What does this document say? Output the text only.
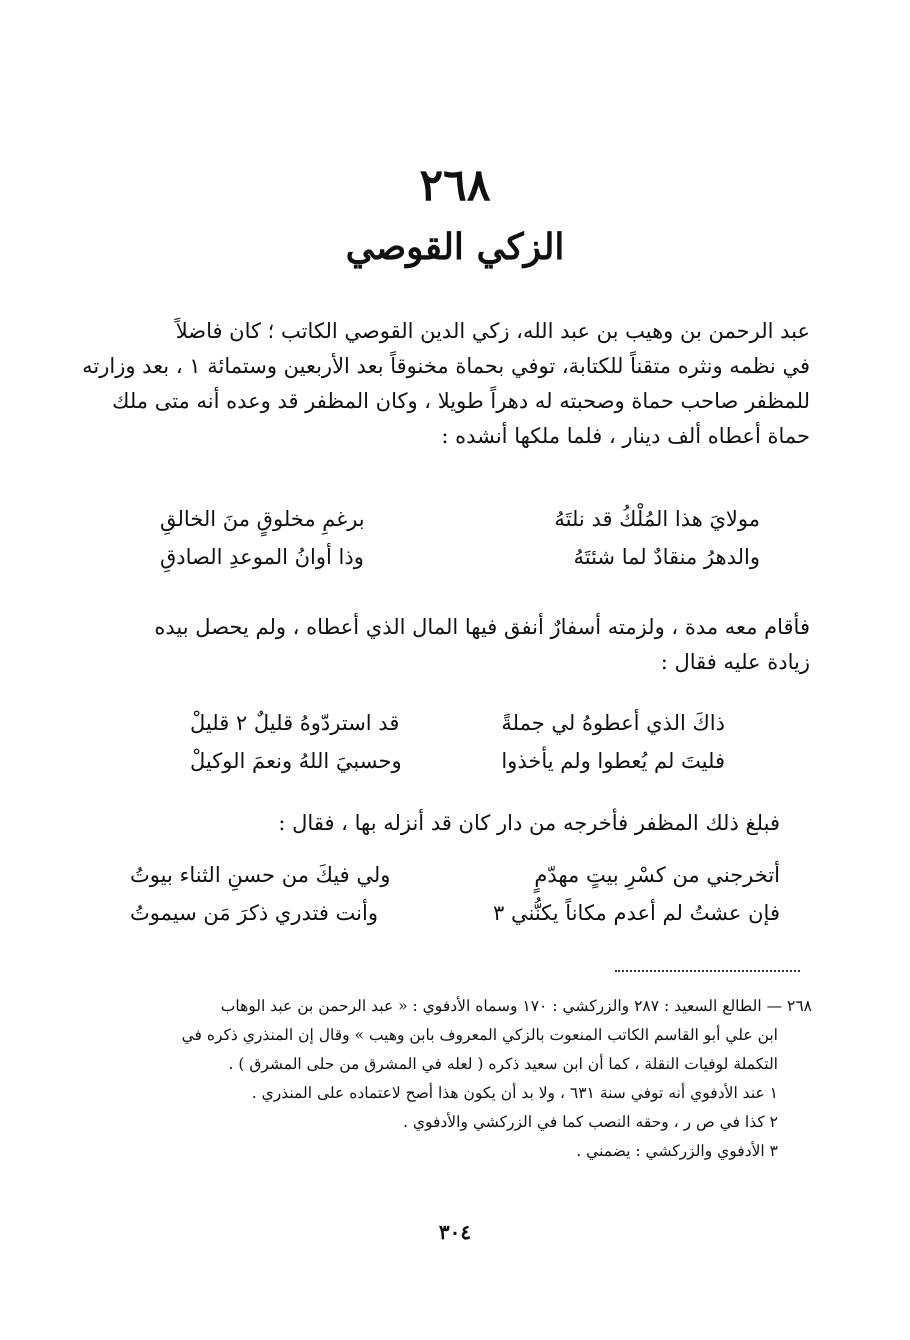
٢٦٨
الزكي القوصي
عبد الرحمن بن وهيب بن عبد الله، زكي الدين القوصي الكاتب ؛ كان فاضلاً
في نظمه ونثره متقناً للكتابة، توفي بحماة مخنوقاً بعد الأربعين وستمائة ١ ، بعد وزارته
للمظفر صاحب حماة وصحبته له دهراً طويلا ، وكان المظفر قد وعده أنه متى ملك
حماة أعطاه ألف دينار ، فلما ملكها أنشده :
مولايَ هذا المُلْكُ قد نلتَهُ
برغمِ مخلوقٍ منَ الخالقِ
والدهرُ منقادٌ لما شئتَهُ
وذا أوانُ الموعدِ الصادقِ
فأقام معه مدة ، ولزمته أسفارٌ أنفق فيها المال الذي أعطاه ، ولم يحصل بيده
زيادة عليه فقال :
ذاكَ الذي أعطوهُ لي جملةً
قد استردّوهُ قليلٌ ٢ قليلْ
فليتَ لم يُعطوا ولم يأخذوا
وحسبيَ اللهُ ونعمَ الوكيلْ
فبلغ ذلك المظفر فأخرجه من دار كان قد أنزله بها ، فقال :
أتخرجني من كسْرِ بيتٍ مهدّمٍ
ولي فيكَ من حسنِ الثناء بيوتُ
فإن عشتُ لم أعدم مكاناً يكنُّني ٣
وأنت فتدري ذكرَ مَن سيموتُ
٢٦٨ — الطالع السعيد : ٢٨٧ والزركشي : ١٧٠ وسماه الأدفوي : « عبد الرحمن بن عبد الوهاب
ابن علي أبو القاسم الكاتب المنعوت بالزكي المعروف بابن وهيب » وقال إن المنذري ذكره في
التكملة لوفيات النقلة ، كما أن ابن سعيد ذكره ( لعله في المشرق من حلى المشرق ) .
١ عند الأدفوي أنه توفي سنة ٦٣١ ، ولا بد أن يكون هذا أصح لاعتماده على المنذري .
٢ كذا في ص ر ، وحقه النصب كما في الزركشي والأدفوي .
٣ الأدفوي والزركشي : يضمني .
٣٠٤
